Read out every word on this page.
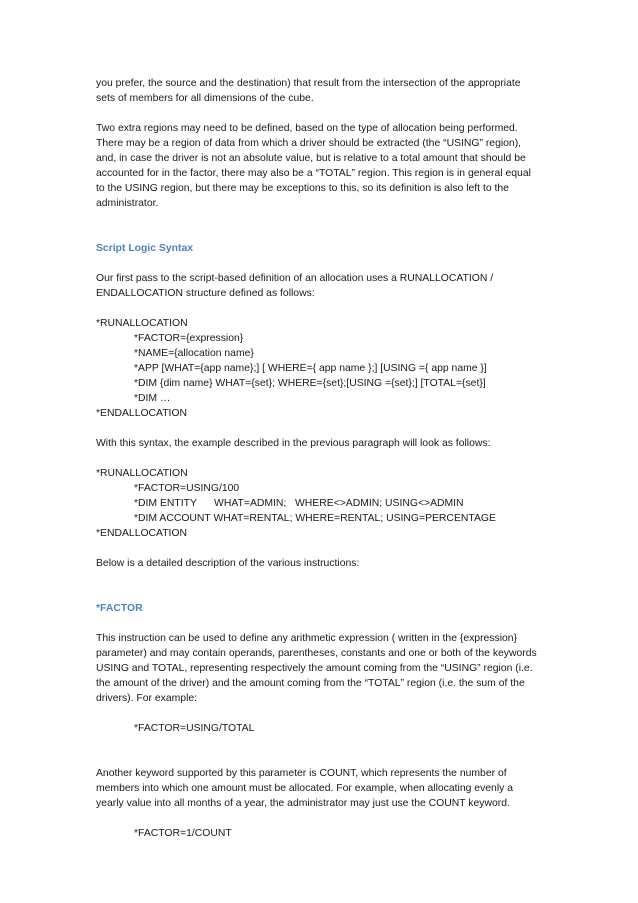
you prefer, the source and the destination) that result from the intersection of the appropriate sets of members for all dimensions of the cube.

Two extra regions may need to be defined, based on the type of allocation being performed. There may be a region of data from which a driver should be extracted (the “USING” region), and, in case the driver is not an absolute value, but is relative to a total amount that should be accounted for in the factor, there may also be a “TOTAL” region. This region is in general equal to the USING region, but there may be exceptions to this, so its definition is also left to the administrator.

Script Logic Syntax

Our first pass to the script-based definition of an allocation uses a RUNALLOCATION / ENDALLOCATION structure defined as follows:

*RUNALLOCATION
*FACTOR={expression}
*NAME={allocation name}
*APP [WHAT={app name};] [ WHERE={ app name };] [USING ={ app name }]
*DIM {dim name} WHAT={set}; WHERE={set};[USING ={set};] [TOTAL={set}]
*DIM …
*ENDALLOCATION

With this syntax, the example described in the previous paragraph will look as follows:

*RUNALLOCATION
*FACTOR=USING/100
*DIM ENTITY      WHAT=ADMIN;   WHERE<>ADMIN; USING<>ADMIN
*DIM ACCOUNT WHAT=RENTAL; WHERE=RENTAL; USING=PERCENTAGE
*ENDALLOCATION

Below is a detailed description of the various instructions:

*FACTOR

This instruction can be used to define any arithmetic expression ( written in the {expression} parameter) and may contain operands, parentheses, constants and one or both of the keywords USING and TOTAL, representing respectively the amount coming from the “USING” region (i.e. the amount of the driver) and the amount coming from the “TOTAL” region (i.e. the sum of the drivers). For example:

*FACTOR=USING/TOTAL

Another keyword supported by this parameter is COUNT, which represents the number of members into which one amount must be allocated. For example, when allocating evenly a yearly value into all months of a year, the administrator may just use the COUNT keyword.

*FACTOR=1/COUNT
